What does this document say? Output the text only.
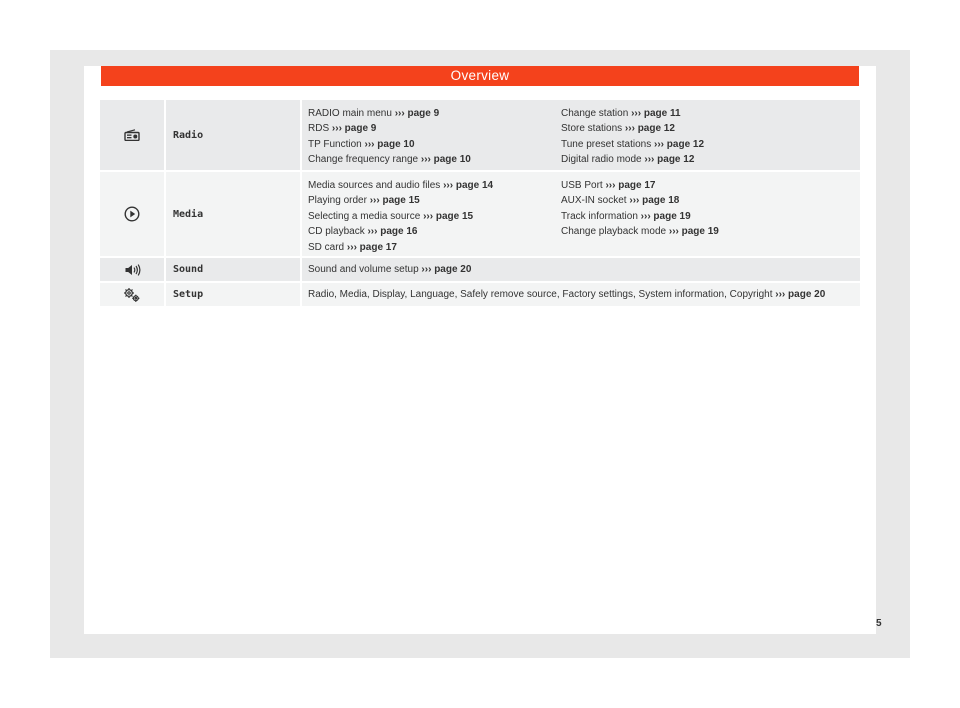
Overview
Radio
RADIO main menu ››› page 9
RDS ››› page 9
TP Function ››› page 10
Change frequency range ››› page 10
Change station ››› page 11
Store stations ››› page 12
Tune preset stations ››› page 12
Digital radio mode ››› page 12
Media
Media sources and audio files ››› page 14
Playing order ››› page 15
Selecting a media source ››› page 15
CD playback ››› page 16
SD card ››› page 17
USB Port ››› page 17
AUX-IN socket ››› page 18
Track information ››› page 19
Change playback mode ››› page 19
Sound	Sound and volume setup ››› page 20
Setup	Radio, Media, Display, Language, Safely remove source, Factory settings, System information, Copyright ››› page 20
5
